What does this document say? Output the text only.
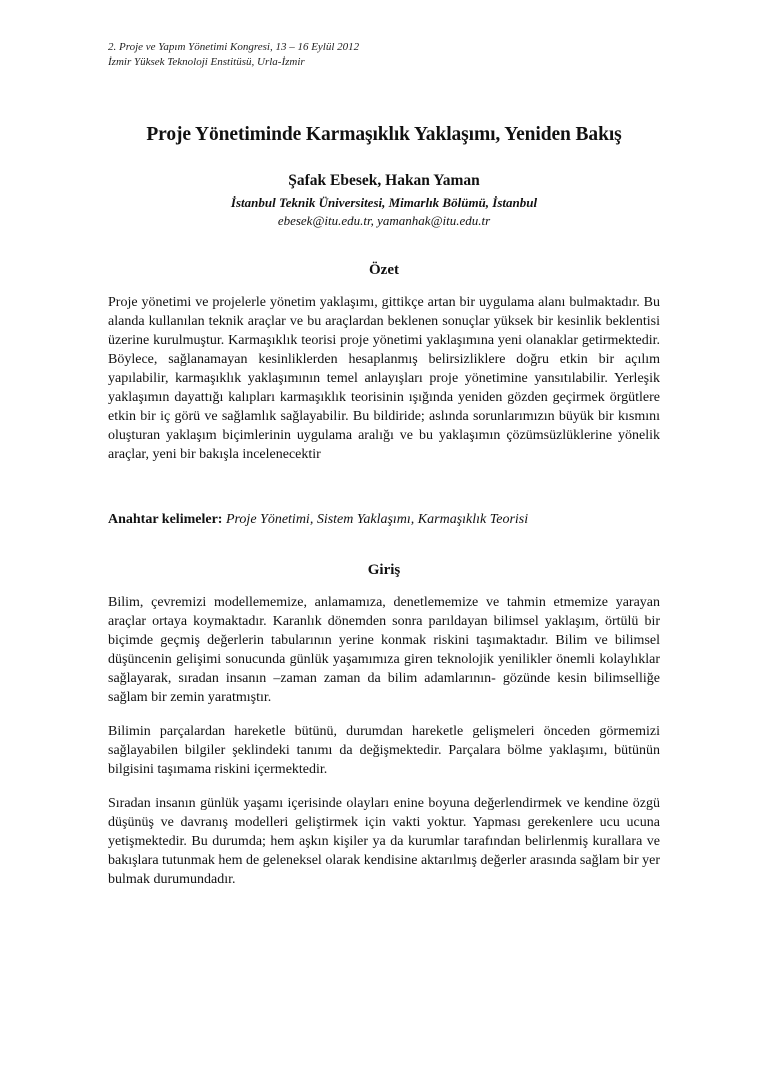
2. Proje ve Yapım Yönetimi Kongresi, 13 – 16 Eylül 2012
İzmir Yüksek Teknoloji Enstitüsü, Urla-İzmir
Proje Yönetiminde Karmaşıklık Yaklaşımı, Yeniden Bakış
Şafak Ebesek, Hakan Yaman
İstanbul Teknik Üniversitesi, Mimarlık Bölümü, İstanbul
ebesek@itu.edu.tr, yamanhak@itu.edu.tr
Özet

Proje yönetimi ve projelerle yönetim yaklaşımı, gittikçe artan bir uygulama alanı bulmaktadır. Bu alanda kullanılan teknik araçlar ve bu araçlardan beklenen sonuçlar yüksek bir kesinlik beklentisi üzerine kurulmuştur. Karmaşıklık teorisi proje yönetimi yaklaşımına yeni olanaklar getirmektedir. Böylece, sağlanamayan kesinliklerden hesaplanmış belirsizliklere doğru etkin bir açılım yapılabilir, karmaşıklık yaklaşımının temel anlayışları proje yönetimine yansıtılabilir. Yerleşik yaklaşımın dayattığı kalıpları karmaşıklık teorisinin ışığında yeniden gözden geçirmek örgütlere etkin bir iç görü ve sağlamlık sağlayabilir. Bu bildiride; aslında sorunlarımızın büyük bir kısmını oluşturan yaklaşım biçimlerinin uygulama aralığı ve bu yaklaşımın çözümsüzlüklerine yönelik araçlar, yeni bir bakışla incelenecektir

Anahtar kelimeler: Proje Yönetimi, Sistem Yaklaşımı, Karmaşıklık Teorisi
Giriş

Bilim, çevremizi modellememize, anlamamıza, denetlememize ve tahmin etmemize yarayan araçlar ortaya koymaktadır. Karanlık dönemden sonra parıldayan bilimsel yaklaşım, örtülü bir biçimde geçmiş değerlerin tabularının yerine konmak riskini taşımaktadır. Bilim ve bilimsel düşüncenin gelişimi sonucunda günlük yaşamımıza giren teknolojik yenilikler önemli kolaylıklar sağlayarak, sıradan insanın –zaman zaman da bilim adamlarının- gözünde kesin bilimselliğe sağlam bir zemin yaratmıştır.

Bilimin parçalardan hareketle bütünü, durumdan hareketle gelişmeleri önceden görmemizi sağlayabilen bilgiler şeklindeki tanımı da değişmektedir. Parçalara bölme yaklaşımı, bütünün bilgisini taşımama riskini içermektedir.

Sıradan insanın günlük yaşamı içerisinde olayları enine boyuna değerlendirmek ve kendine özgü düşünüş ve davranış modelleri geliştirmek için vakti yoktur. Yapması gerekenlere ucu ucuna yetişmektedir. Bu durumda; hem aşkın kişiler ya da kurumlar tarafından belirlenmiş kurallara ve bakışlara tutunmak hem de geleneksel olarak kendisine aktarılmış değerler arasında sağlam bir yer bulmak durumundadır.
